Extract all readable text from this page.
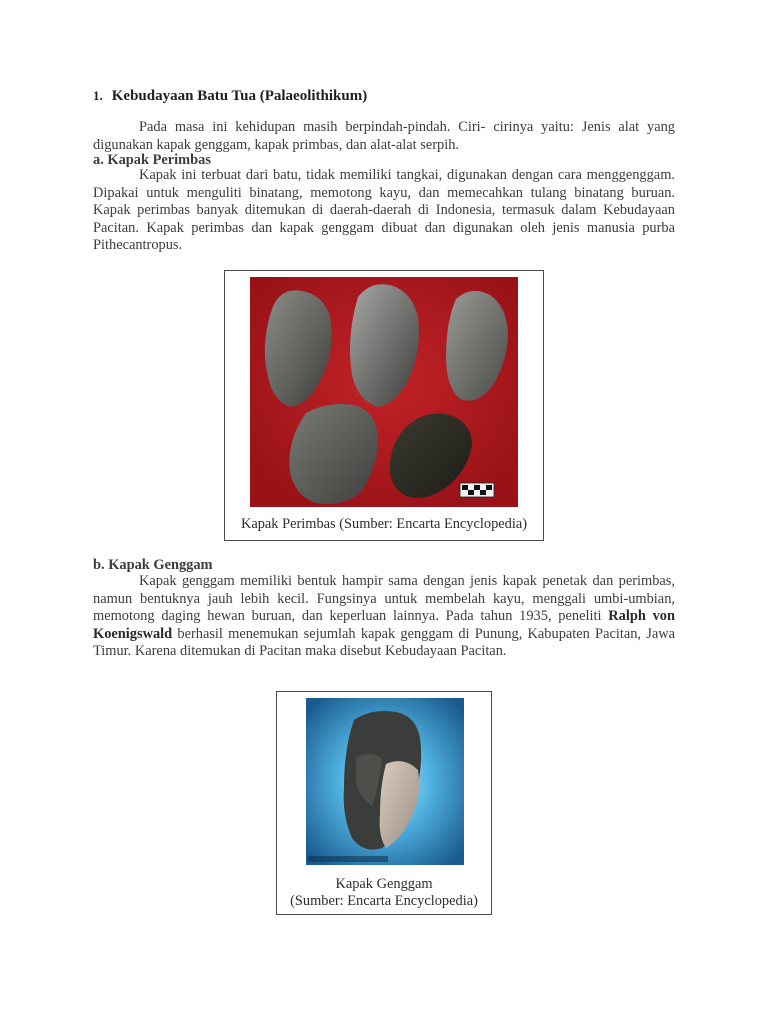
1. Kebudayaan Batu Tua (Palaeolithikum)
Pada masa ini kehidupan masih berpindah-pindah. Ciri- cirinya yaitu: Jenis alat yang digunakan kapak genggam, kapak primbas, dan alat-alat serpih.
a. Kapak Perimbas
Kapak ini terbuat dari batu, tidak memiliki tangkai, digunakan dengan cara menggenggam. Dipakai untuk menguliti binatang, memotong kayu, dan memecahkan tulang binatang buruan. Kapak perimbas banyak ditemukan di daerah-daerah di Indonesia, termasuk dalam Kebudayaan Pacitan. Kapak perimbas dan kapak genggam dibuat dan digunakan oleh jenis manusia purba Pithecantropus.
Kapak Perimbas (Sumber: Encarta Encyclopedia)
b. Kapak Genggam
Kapak genggam memiliki bentuk hampir sama dengan jenis kapak penetak dan perimbas, namun bentuknya jauh lebih kecil. Fungsinya untuk membelah kayu, menggali umbi-umbian, memotong daging hewan buruan, dan keperluan lainnya. Pada tahun 1935, peneliti Ralph von Koenigswald berhasil menemukan sejumlah kapak genggam di Punung, Kabupaten Pacitan, Jawa Timur. Karena ditemukan di Pacitan maka disebut Kebudayaan Pacitan.
Kapak Genggam
(Sumber: Encarta Encyclopedia)
